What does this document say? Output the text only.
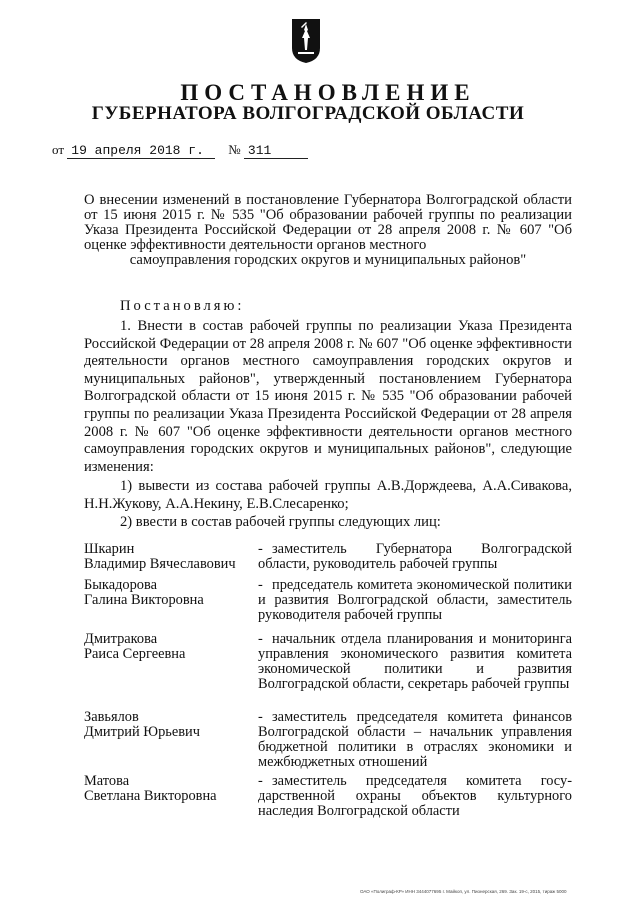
ПОСТАНОВЛЕНИЕ
ГУБЕРНАТОРА ВОЛГОГРАДСКОЙ ОБЛАСТИ
от 19 апреля 2018 г. № 311
О внесении изменений в постановление Губернатора Волгоградской области от 15 июня 2015 г. № 535 "Об образовании рабочей группы по реализации Указа Президента Российской Федерации от 28 апреля 2008 г. № 607 "Об оценке эффективности деятельности органов местного
самоуправления городских округов и муниципальных районов"
Постановляю:
1. Внести в состав рабочей группы по реализации Указа Президента Российской Федерации от 28 апреля 2008 г. № 607 "Об оценке эффективности деятельности органов местного самоуправления городских округов и муниципальных районов", утвержденный постановлением Губернатора Волгоградской области от 15 июня 2015 г. № 535 "Об образовании рабочей группы по реализации Указа Президента Российской Федерации от 28 апреля 2008 г. № 607 "Об оценке эффективности деятельности органов местного самоуправления городских округов и муниципальных районов", следующие изменения:
1) вывести из состава рабочей группы А.В.Дорждеева, А.А.Сивакова, Н.Н.Жукову, А.А.Некину, Е.В.Слесаренко;
2) ввести в состав рабочей группы следующих лиц:
Шкарин
Владимир Вячеславович
- заместитель Губернатора Волгоградской области, руководитель рабочей группы
Быкадорова
Галина Викторовна
- председатель комитета экономической политики и развития Волгоградской области, заместитель руководителя рабочей группы
Дмитракова
Раиса Сергеевна
- начальник отдела планирования и мониторинга управления экономического развития комитета экономической политики и развития Волгоградской области, секретарь рабочей группы
Завьялов
Дмитрий Юрьевич
- заместитель председателя комитета финансов Волгоградской области – начальник управления бюджетной политики в отраслях экономики и межбюджетных отношений
Матова
Светлана Викторовна
- заместитель председателя комитета госу-дарственной охраны объектов культурного наследия Волгоградской области
ОАО «Полиграф-КР» ИНН 3444077695 г. Майкоп, ул. Пионерская, 269. Зак. 19-с, 2015, тираж 5000
